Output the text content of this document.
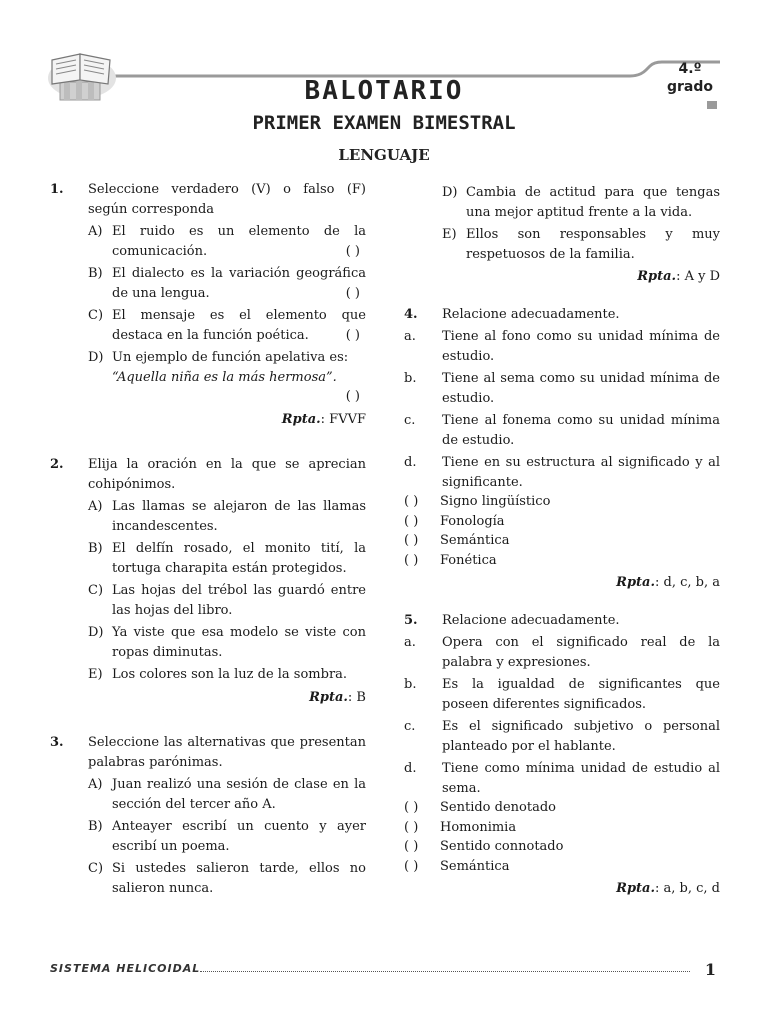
4.º
grado
BALOTARIO
PRIMER EXAMEN BIMESTRAL
LENGUAJE
1. Seleccione verdadero (V) o falso (F) según corresponda
A) El ruido es un elemento de la comunicación.	( )
B) El dialecto es la variación geográfica de una lengua.	( )
C) El mensaje es el elemento que destaca en la función poética.	( )
D) Un ejemplo de función apelativa es:
“Aquella niña es la más hermosa”.
( )
Rpta.: FVVF
2. Elija la oración en la que se aprecian cohipónimos.
A) Las llamas se alejaron de las llamas incandescentes.
B) El delfín rosado, el monito tití, la tortuga charapita están protegidos.
C) Las hojas del trébol las guardó entre las hojas del libro.
D) Ya viste que esa modelo se viste con ropas diminutas.
E) Los colores son la luz de la sombra.
Rpta.: B
3. Seleccione las alternativas que presentan palabras parónimas.
A) Juan realizó una sesión de clase en la sección del tercer año A.
B) Anteayer escribí un cuento y ayer escribí un poema.
C) Si ustedes salieron tarde, ellos no salieron nunca.
D) Cambia de actitud para que tengas una mejor aptitud frente a la vida.
E) Ellos son responsables y muy respetuosos de la familia.
Rpta.: A y D
4. Relacione adecuadamente.
a. Tiene al fono como su unidad mínima de estudio.
b. Tiene al sema como su unidad mínima de estudio.
c. Tiene al fonema como su unidad mínima de estudio.
d. Tiene en su estructura al significado y al significante.
( ) Signo lingüístico
( ) Fonología
( ) Semántica
( ) Fonética
Rpta.: d, c, b, a
5. Relacione adecuadamente.
a. Opera con el significado real de la palabra y expresiones.
b. Es la igualdad de significantes que poseen diferentes significados.
c. Es el significado subjetivo o personal planteado por el hablante.
d. Tiene como mínima unidad de estudio al sema.
( ) Sentido denotado
( ) Homonimia
( ) Sentido connotado
( ) Semántica
Rpta.: a, b, c, d
SISTEMA HELICOIDAL	1
